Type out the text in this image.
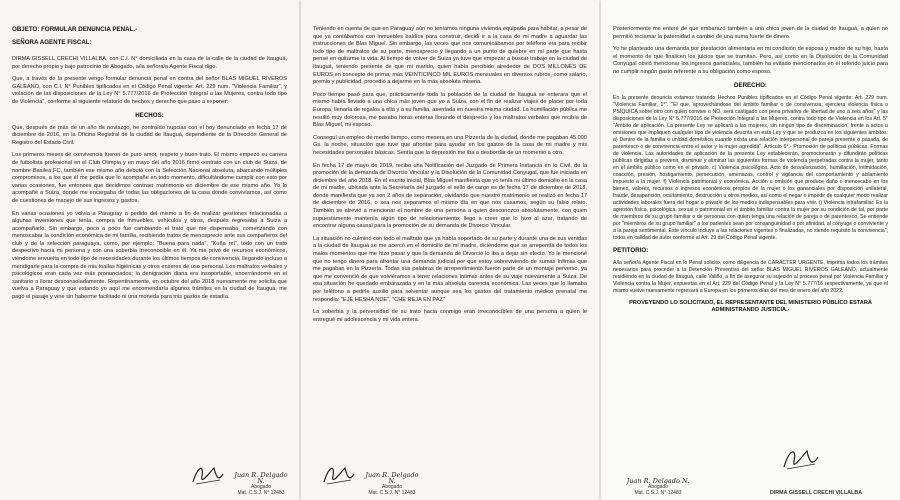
OBJETO: FORMULAR DENUNCIA PENAL.-
SEÑORA AGENTE FISCAL:
DIRMA GISSELL CRECHI VILLALBA, con C.I. N° domiciliada en la casa de la calle de la ciudad de Itauguá, por derecho propio y bajo patrocinio de Abogado, a/la señora/a Agente Fiscal digo.
Que, a través de la presente vengo formular denuncia penal en contra del señor BLAS MIGUEL RIVEROS GALEANO, con C.I. N° Punibles tipificados en el Código Penal vigente: Art. 229 num. "Violencia Familiar", y violación de las disposiciones de la Ley N° 5.777/2016 de Protección Integral a las Mujeres, contra todo tipo de Violencia", conforme al siguiente relatorio de hechos y derecho que paso a exponer:
HECHOS:
Que, después de más de un año de noviazgo, he contraído nupcias con el hoy denunciado en fecha 17 de diciembre de 2016, en la Oficina Registral de la ciudad de Itauguá, dependiente de la Dirección General de Registro del Estado Civil.
Los primeros meses de convivencia fueron de puro amor, respeto y buen trato. El mismo empezó su carrera de futbolista profesional en el Club Olimpia y en mayo del año 2016 firmó contrato con un club de Suiza, de nombre Basilea FC, también ese mismo año debutó con la Selección Nacional absoluta, abarcando múltiples compromisos, a los que él me pedía que lo acompañe en todo momento, dificultándome cumplir con esto por varias ocasiones, fue entonces que decidimos contraer matrimonio en diciembre de ese mismo año. Yo lo acompañé a Suiza, donde me encargaba de todas las obligaciones de la casa donde convivíamos, así como de cuestiones de manejo de sus ingresos y gastos.
En varias ocasiones yo volvía a Paraguay a pedido del mismo a fin de realizar gestiones relacionadas a algunas inversiones que tenía, compra de inmuebles, vehículos y otros, después regresaba a Suiza a acompañarlo. Sin embargo, poco a poco fue cambiando el trato que me dispensaba, comenzando con menoscabar la condición económica de mi familia, recibiendo tratos de menosprecio ante sus compañeros del club y de la selección paraguaya, como, por ejemplo: "Buena para nada", "Kuña rei", todo con un trato despectivo hacia mi persona y con una soberbia irreconocible en él. Ya me privó de recursos económicos, viéndome envuelta en todo tipo de necesidades durante los últimos tiempos de convivencia, llegando incluso a mendigarle para la compra de mis toallas higiénicas y otros enseres de uso personal. Los maltratos verbales y psicológicos eran cada vez más pronunciados; la denigración diaria era insoportable, encerrándome en el sanitario a llorar desconsoladamente. Repentinamente, en octubre del año 2018 nuevamente me solicita que vuelva a Paraguay y que estando yo aquí me encomendaría algunos trámites en la ciudad de Itauguá, me pagó el pasaje y vine sin haberme facilitado ni una moneda para mis gastos de estadía.
Juan R. Delgado N.
Abogado
Mat. C.S.J. N° 12483
Teniendo en cuenta de que en Paraguay aún no teníamos ninguna vivienda equipada para habitar, a pesar de que ya contábamos con inmuebles baldíos para construir, decidí ir a la casa de mi madre a aguardar las instrucciones de Blas Miguel. Sin embargo, las veces que nos comunicábamos por teléfono era para recibir todo tipo de maltratos de su parte, menosprecio y llegando a un punto de quiebre en mí parte que hasta pensé en quitarme la vida. Al tiempo de volver de Suiza ya tuve que empezar a buscar trabajo en la ciudad de Itauguá, teniendo presente de que mi marido, quien había percibido alrededor de DOS MILLONES DE EUROS en concepto de prima, más VEINTICINCO MIL EUROS mensuales en diversos rubros, como salario, premio y publicidad, procedió a dejarme en la más absoluta miseria.
Poco tiempo pasó para que, prácticamente toda la población de la ciudad de Itauguá se enterara que el mismo había llevado a una chica más joven que yo a Suiza, con el fin de realizar viajes de placer por toda Europa, llenarla de regalos a ella y a su familia, asentada en nuestra misma ciudad. La humillación pública me resultó muy dolorosa, me pasaba horas enteras llorando el desprecio y los maltratos verbales que recibía de Blas Miguel, mi esposo.
Conseguí un empleo de medio tiempo, como mesera en una Pizzería de la ciudad, donde me pagaban 45.000 Gs. la noche, situación que tuve que afrontar para ayudar en los gastos de la casa de mi madre y mis necesidades personales básicas. Sentía que la depresión me iba a desbordar de un momento a otro.
En fecha 17 de mayo de 2019, recibo una Notificación del Juzgado de Primera Instancia en lo Civil, de la promoción de la demanda de Divorcio Vincular y la Disolución de la Comunidad Conyugal, que fue iniciada en diciembre del año 2018. En el escrito inicial, Blas Miguel manifiesta que yo tenía mi último domicilio en la casa de mi madre, ubicada ante la Secretaría del juzgado el sello de cargo es de fecha 17 de diciembre de 2018, donde manifiesta que ya son 2 años de separación, olvidando que nuestro matrimonio se realizó en fecha 17 de diciembre de 2016, o sea nos separamos el mismo día en que nos casamos, según su falso relato. También se atrevió a mencionar el nombre de una persona a quien desconozco absolutamente, con quien supuestamente mantenía algún tipo de relacionamiento; llego a creer que lo hizo al azar, tratando de encontrar alguna causal para la promoción de su demanda de Divorcio Vincular.
La situación no culminó con todo el maltrato que ya había soportado de su parte y durante una de sus venidas a la ciudad de Itauguá se me acercó en el domicilio de mi madre, diciéndome que se arrepentía de todos los malos momentos que me hizo pasar y que la demanda de Divorcio lo iba a dejar sin efecto. Yo le mencioné que no tengo dinero para afrontar una demanda judicial por que estoy sobreviviendo de sumas ínfimas que me pagaban en la Pizzería. Todas sus palabras de arrepentimiento fueron parte de un montaje perverso, ya que me convenció de que volviéramos a tener relaciones íntimas antes de su viaje nuevamente a Suiza. De esa situación he quedado embarazada y en la más absoluta carencia económica. Las veces que lo llamaba por teléfono a pedirle auxilio para solventar aunque sea los gastos del tratamiento médico prenatal me respondía: "EJE HESHA NDE", "CHE REJA EN PAZ"
La soberbia y la perversidad de su trato hacia conmigo eran irreconocibles de una persona a quien le entregué mi adolescencia y mi vida entera.
Juan R. Delgado N.
Abogado
Mat. C.S.J. N° 12483
Posteriormente me enteré de que embarazó también a una chica joven de la ciudad de Itauguá, a quien no permitió reclamar la paternidad a cambio de una suma fuerte de dinero.
Yo he planteado una demanda por prestación alimentaria en mi condición de esposa y madre de su hijo, hasta el momento de que finalicen los juicios que se tramitan. Pero, así como en la Disolución de la Comunidad Conyugal obvió mencionar los ingresos ganaciales, también ha evitado mencionarlos en el referido juicio para no cumplir ningún gasto referente a su obligación como esposo.
DERECHO:
En la presente denuncia estamos tratando Hechos Punibles tipificados en el Código Penal vigente: Art. 229 num. "Violencia Familiar, 1°". "El que, aprovechándose del ámbito familiar o de convivencia, ejerciera violencia física o PSÍQUICA sobre otro con quien convive o NO, será castigado con pena privativa de libertad de uno a seis años" y las disposiciones de la Ley N° 5.777/2016 de Protección Integral a las Mujeres, contra todo tipo de Violencia en los Art. 5° "Ámbito de aplicación. La presente Ley se aplicará a las mujeres, sin ningún tipo de discriminación, frente a actos u omisiones que impliquen cualquier tipo de violencia descrita en esta Ley y que se produzca en los siguientes ámbitos: a) Dentro de la familia o unidad doméstica cuando exista una relación interpersonal de pareja presente o pasada, de parentesco o de convivencia entre el autor y la mujer agredida". Artículo 6°.- Promoción de políticas públicas. Formas de violencia. Las autoridades de aplicación de la presente Ley establecerán, promocionarán y difundirán políticas públicas dirigidas a prevenir, disminuir y eliminar las siguientes formas de violencia perpetradas contra la mujer, tanto en el ámbito público como en el privado. c) Violencia psicológica. Acto de desvalorización, humillación, intimidación, coacción, presión, hostigamiento, persecución, amenazas, control y vigilancia del comportamiento y aislamiento impuesto a la mujer. f) Violencia patrimonial y económica. Acción u omisión que produce daño o menoscabo en los bienes, valores, recursos o ingresos económicos propios de la mujer o los gananciales por disposición unilateral, fraude, desaparición, ocultamiento, destrucción u otros medios, así como el negar o impedir de cualquier modo realizar actividades laborales fuera del hogar o privarle de los medios indispensables para vivir. i) Violencia intrafamiliar. Es la agresión física, psicológica, sexual o patrimonial en el ámbito familiar contra la mujer por su condición de tal, por parte de miembros de su grupo familiar o de personas con quien tenga una relación de pareja o de parentesco. Se entiende por "miembros de su grupo familiar" a los parientes sean por consanguinidad o por afinidad, al cónyuge o conviviente y a la pareja sentimental. Este vínculo incluye a las relaciones vigentes o finalizadas, no siendo requisito la convivencia", todos en calidad de autor conforme al Art. 29 del Código Penal vigente.
PETITORIO:
A/la señor/a Agente Fiscal en lo Penal solicito, como diligencia de CARÁCTER URGENTE, imprima todos los trámites necesarios para proceder a la Detención Preventiva del señor BLAS MIGUEL RIVEROS GALEANO, actualmente residiendo en la ciudad de Itauguá, calle Valiño, a fin de asegurar su sujeción al proceso penal por Violencia Familiar y Violencia contra la Mujer, expuestas en el Art. 229 del Código Penal y la Ley N° 5.777/16 respectivamente, ya que el mismo vuelve nuevamente regresará a Europa en los primeros días del mes de enero del año 2022.
PROVEYENDO LO SOLICITADO, EL REPRESENTANTE DEL MINISTERIO PÚBLICO ESTARÁ ADMINISTRANDO JUSTICIA.-
Juan R. Delgado N.
Abogado
Mat. C.S.J. N° 12483	DIRMA GISSELL CRECHI VILLALBA
